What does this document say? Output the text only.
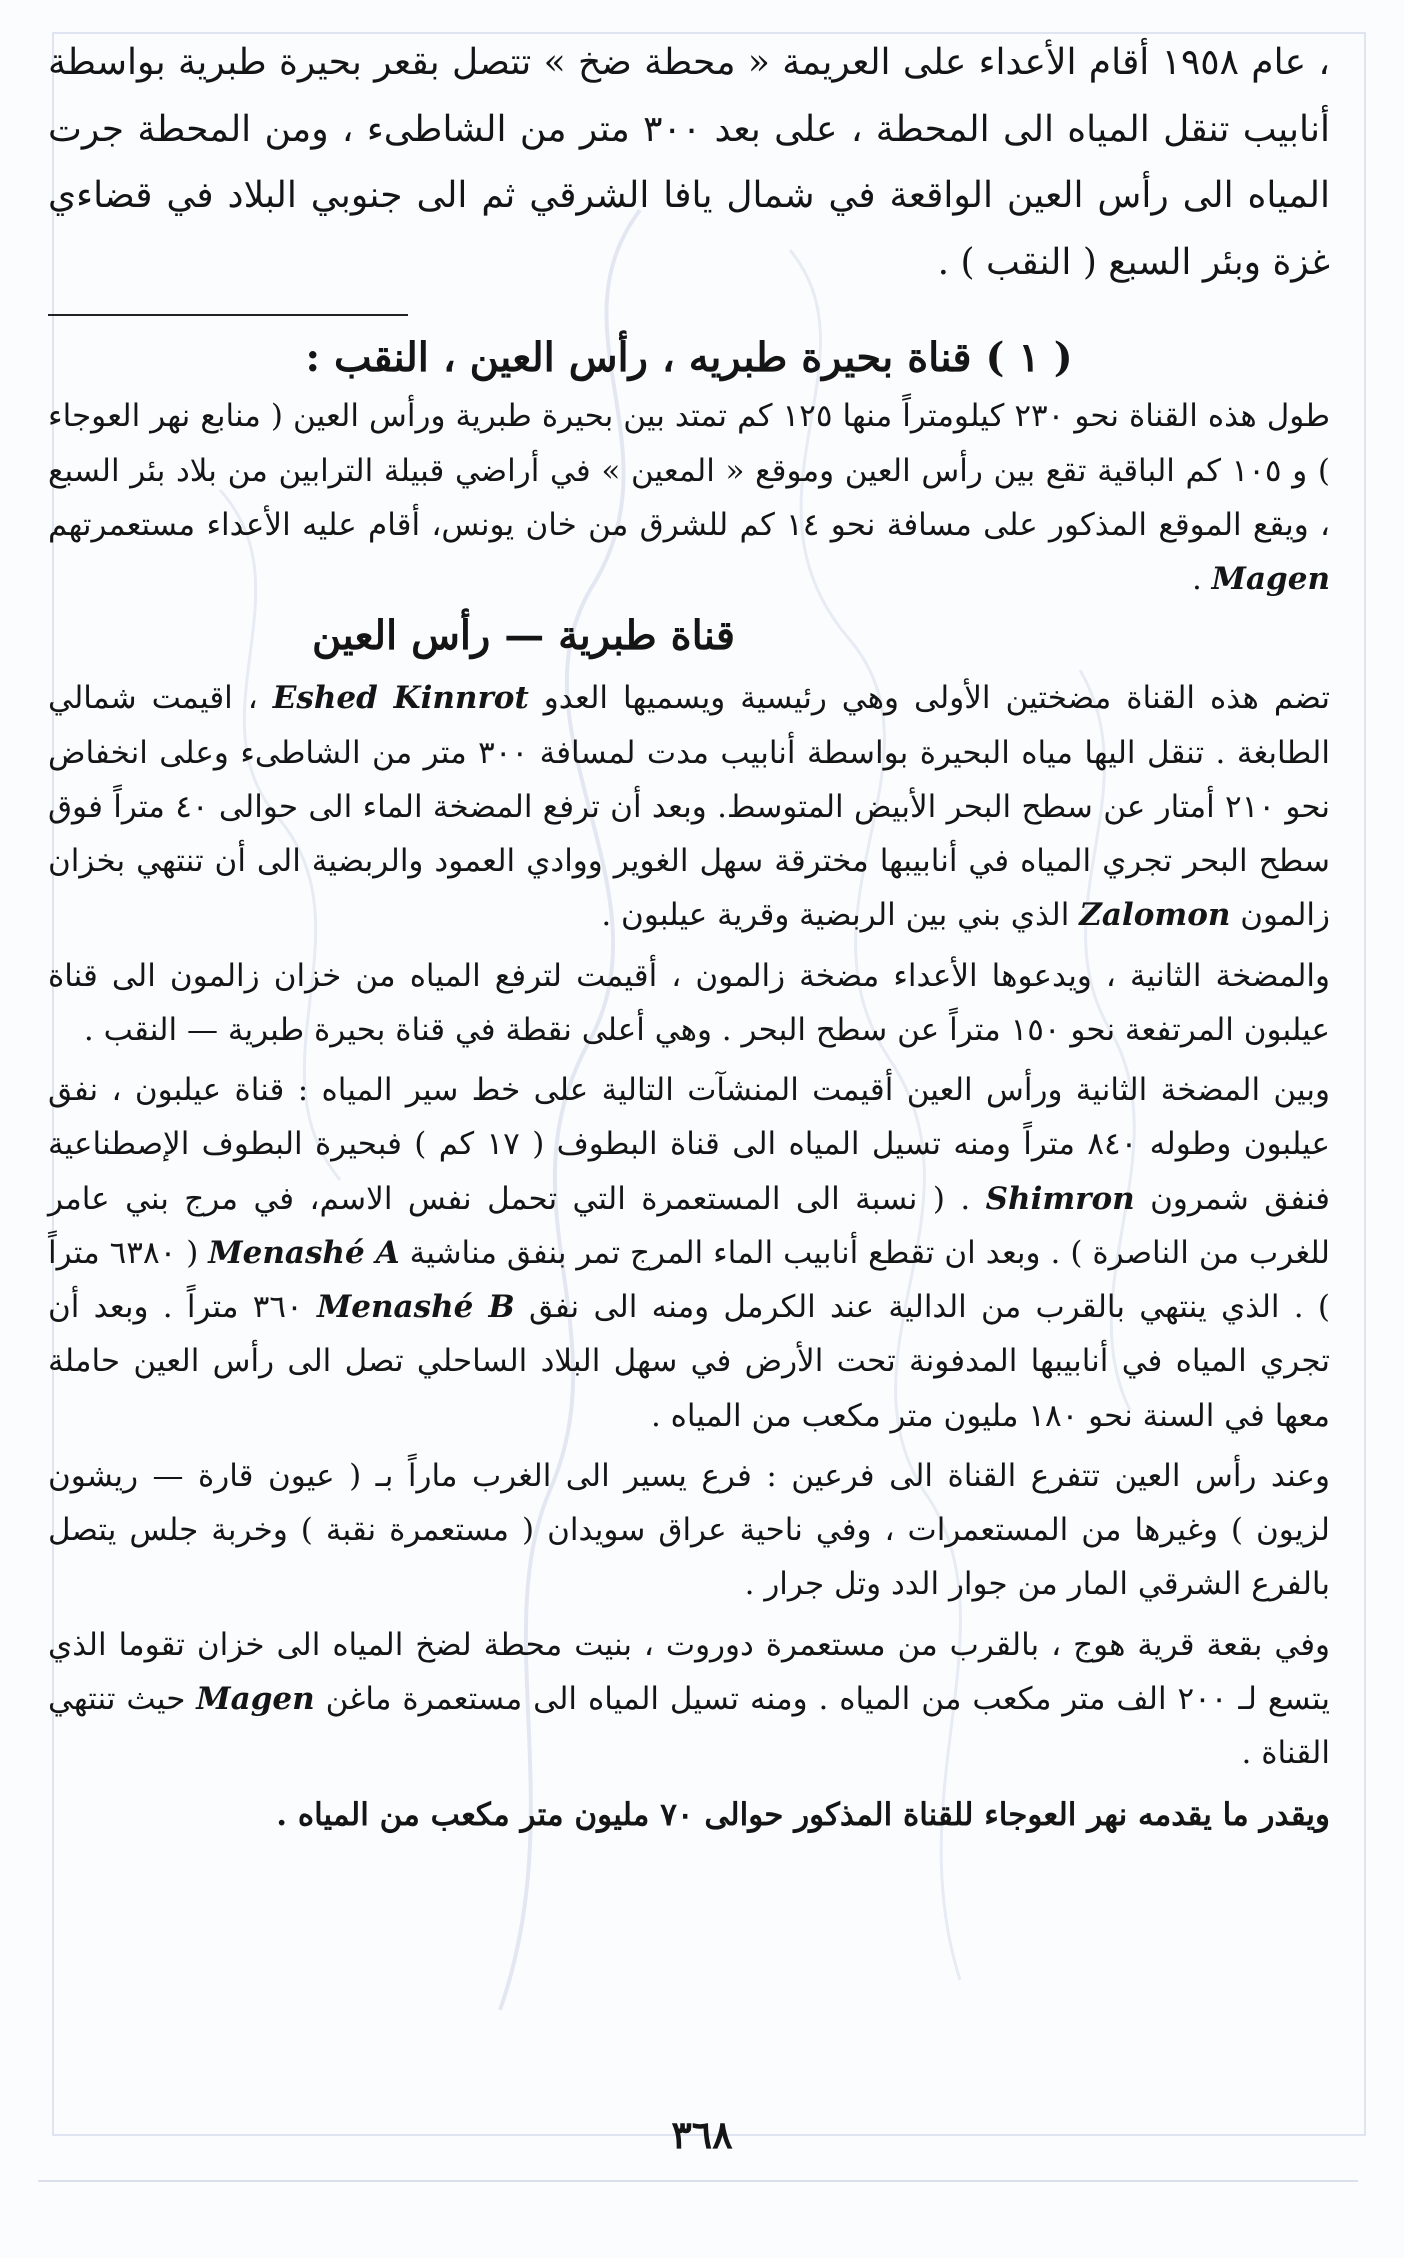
، عام ١٩٥٨ أقام الأعداء على العريمة « محطة ضخ » تتصل بقعر بحيرة طبرية بواسطة أنابيب تنقل المياه الى المحطة ، على بعد ٣٠٠ متر من الشاطىء ، ومن المحطة جرت المياه الى رأس العين الواقعة في شمال يافا الشرقي ثم الى جنوبي البلاد في قضاءي غزة وبئر السبع ( النقب ) .

( ١ ) قناة بحيرة طبريه ، رأس العين ، النقب :

طول هذه القناة نحو ٢٣٠ كيلومتراً منها ١٢٥ كم تمتد بين بحيرة طبرية ورأس العين ( منابع نهر العوجاء ) و ١٠٥ كم الباقية تقع بين رأس العين وموقع « المعين » في أراضي قبيلة الترابين من بلاد بئر السبع ، ويقع الموقع المذكور على مسافة نحو ١٤ كم للشرق من خان يونس، أقام عليه الأعداء مستعمرتهم Magen .

قناة طبرية — رأس العين

تضم هذه القناة مضختين الأولى وهي رئيسية ويسميها العدو Eshed Kinnrot ، اقيمت شمالي الطابغة . تنقل اليها مياه البحيرة بواسطة أنابيب مدت لمسافة ٣٠٠ متر من الشاطىء وعلى انخفاض نحو ٢١٠ أمتار عن سطح البحر الأبيض المتوسط. وبعد أن ترفع المضخة الماء الى حوالى ٤٠ متراً فوق سطح البحر تجري المياه في أنابيبها مخترقة سهل الغوير ووادي العمود والربضية الى أن تنتهي بخزان زالمون Zalomon الذي بني بين الربضية وقرية عيلبون .

والمضخة الثانية ، ويدعوها الأعداء مضخة زالمون ، أقيمت لترفع المياه من خزان زالمون الى قناة عيلبون المرتفعة نحو ١٥٠ متراً عن سطح البحر . وهي أعلى نقطة في قناة بحيرة طبرية — النقب .

وبين المضخة الثانية ورأس العين أقيمت المنشآت التالية على خط سير المياه : قناة عيلبون ، نفق عيلبون وطوله ٨٤٠ متراً ومنه تسيل المياه الى قناة البطوف ( ١٧ كم ) فبحيرة البطوف الإصطناعية فنفق شمرون Shimron . ( نسبة الى المستعمرة التي تحمل نفس الاسم، في مرج بني عامر للغرب من الناصرة ) . وبعد ان تقطع أنابيب الماء المرج تمر بنفق مناشية Menashé A ( ٦٣٨٠ متراً ) . الذي ينتهي بالقرب من الدالية عند الكرمل ومنه الى نفق Menashé B ٣٦٠ متراً . وبعد أن تجري المياه في أنابيبها المدفونة تحت الأرض في سهل البلاد الساحلي تصل الى رأس العين حاملة معها في السنة نحو ١٨٠ مليون متر مكعب من المياه .

وعند رأس العين تتفرع القناة الى فرعين : فرع يسير الى الغرب ماراً بـ ( عيون قارة — ريشون لزيون ) وغيرها من المستعمرات ، وفي ناحية عراق سويدان ( مستعمرة نقبة ) وخربة جلس يتصل بالفرع الشرقي المار من جوار الدد وتل جرار .

وفي بقعة قرية هوج ، بالقرب من مستعمرة دوروت ، بنيت محطة لضخ المياه الى خزان تقوما الذي يتسع لـ ٢٠٠ الف متر مكعب من المياه . ومنه تسيل المياه الى مستعمرة ماغن Magen حيث تنتهي القناة .

ويقدر ما يقدمه نهر العوجاء للقناة المذكور حوالى ٧٠ مليون متر مكعب من المياه .

٣٦٨
